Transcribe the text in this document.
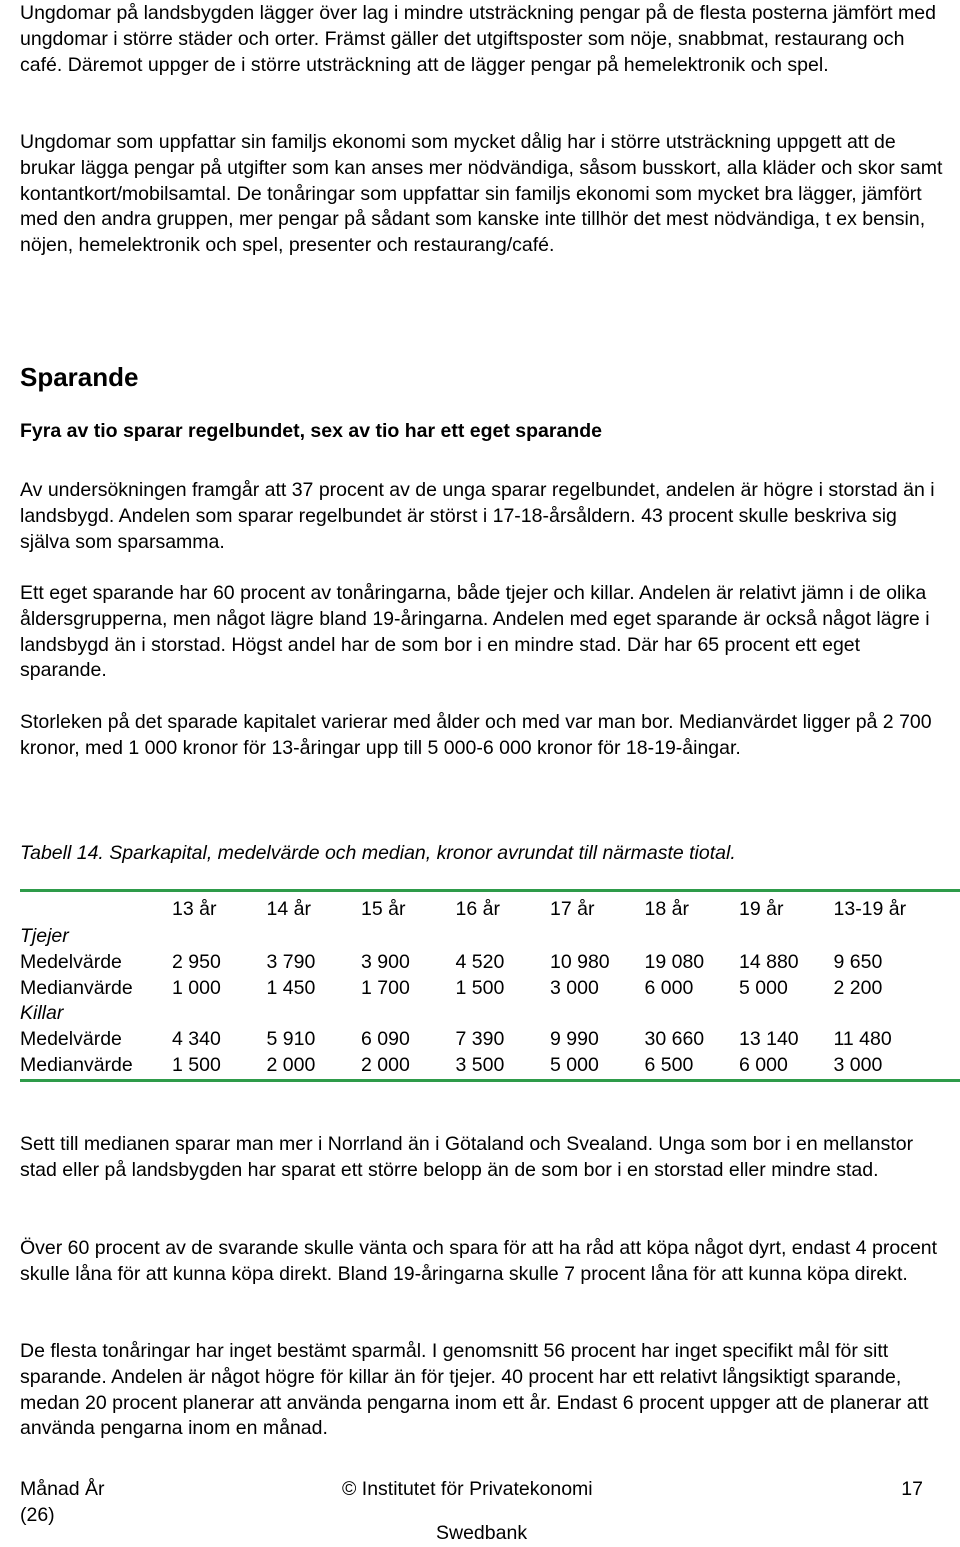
Ungdomar på landsbygden lägger över lag i mindre utsträckning pengar på de flesta posterna jämfört med ungdomar i större städer och orter. Främst gäller det utgiftsposter som nöje, snabbmat, restaurang och café. Däremot uppger de i större utsträckning att de lägger pengar på hemelektronik och spel.

Ungdomar som uppfattar sin familjs ekonomi som mycket dålig har i större utsträckning uppgett att de brukar lägga pengar på utgifter som kan anses mer nödvändiga, såsom busskort, alla kläder och skor samt kontantkort/mobilsamtal. De tonåringar som uppfattar sin familjs ekonomi som mycket bra lägger, jämfört med den andra gruppen, mer pengar på sådant som kanske inte tillhör det mest nödvändiga, t ex bensin, nöjen, hemelektronik och spel, presenter och restaurang/café.

Sparande
Fyra av tio sparar regelbundet, sex av tio har ett eget sparande

Av undersökningen framgår att 37 procent av de unga sparar regelbundet, andelen är högre i storstad än i landsbygd. Andelen som sparar regelbundet är störst i 17-18-årsåldern. 43 procent skulle beskriva sig själva som sparsamma.

Ett eget sparande har 60 procent av tonåringarna, både tjejer och killar. Andelen är relativt jämn i de olika åldersgrupperna, men något lägre bland 19-åringarna. Andelen med eget sparande är också något lägre i landsbygd än i storstad. Högst andel har de som bor i en mindre stad. Där har 65 procent ett eget sparande.

Storleken på det sparade kapitalet varierar med ålder och med var man bor. Medianvärdet ligger på 2 700 kronor, med 1 000 kronor för 13-åringar upp till 5 000-6 000 kronor för 18-19-åingar.

Tabell 14. Sparkapital, medelvärde och median, kronor avrundat till närmaste tiotal.
	13 år	14 år	15 år	16 år	17 år	18 år	19 år	13-19 år
Tjejer								
Medelvärde	2 950	3 790	3 900	4 520	10 980	19 080	14 880	9 650
Medianvärde	1 000	1 450	1 700	1 500	3 000	6 000	5 000	2 200
Killar								
Medelvärde	4 340	5 910	6 090	7 390	9 990	30 660	13 140	11 480
Medianvärde	1 500	2 000	2 000	3 500	5 000	6 500	6 000	3 000

Sett till medianen sparar man mer i Norrland än i Götaland och Svealand. Unga som bor i en mellanstor stad eller på landsbygden har sparat ett större belopp än de som bor i en storstad eller mindre stad.

Över 60 procent av de svarande skulle vänta och spara för att ha råd att köpa något dyrt, endast 4 procent skulle låna för att kunna köpa direkt. Bland 19-åringarna skulle 7 procent låna för att kunna köpa direkt.

De flesta tonåringar har inget bestämt sparmål. I genomsnitt 56 procent har inget specifikt mål för sitt sparande. Andelen är något högre för killar än för tjejer. 40 procent har ett relativt långsiktigt sparande, medan 20 procent planerar att använda pengarna inom ett år. Endast 6 procent uppger att de planerar att använda pengarna inom en månad.

Månad År
(26)
© Institutet för Privatekonomi
Swedbank
17
